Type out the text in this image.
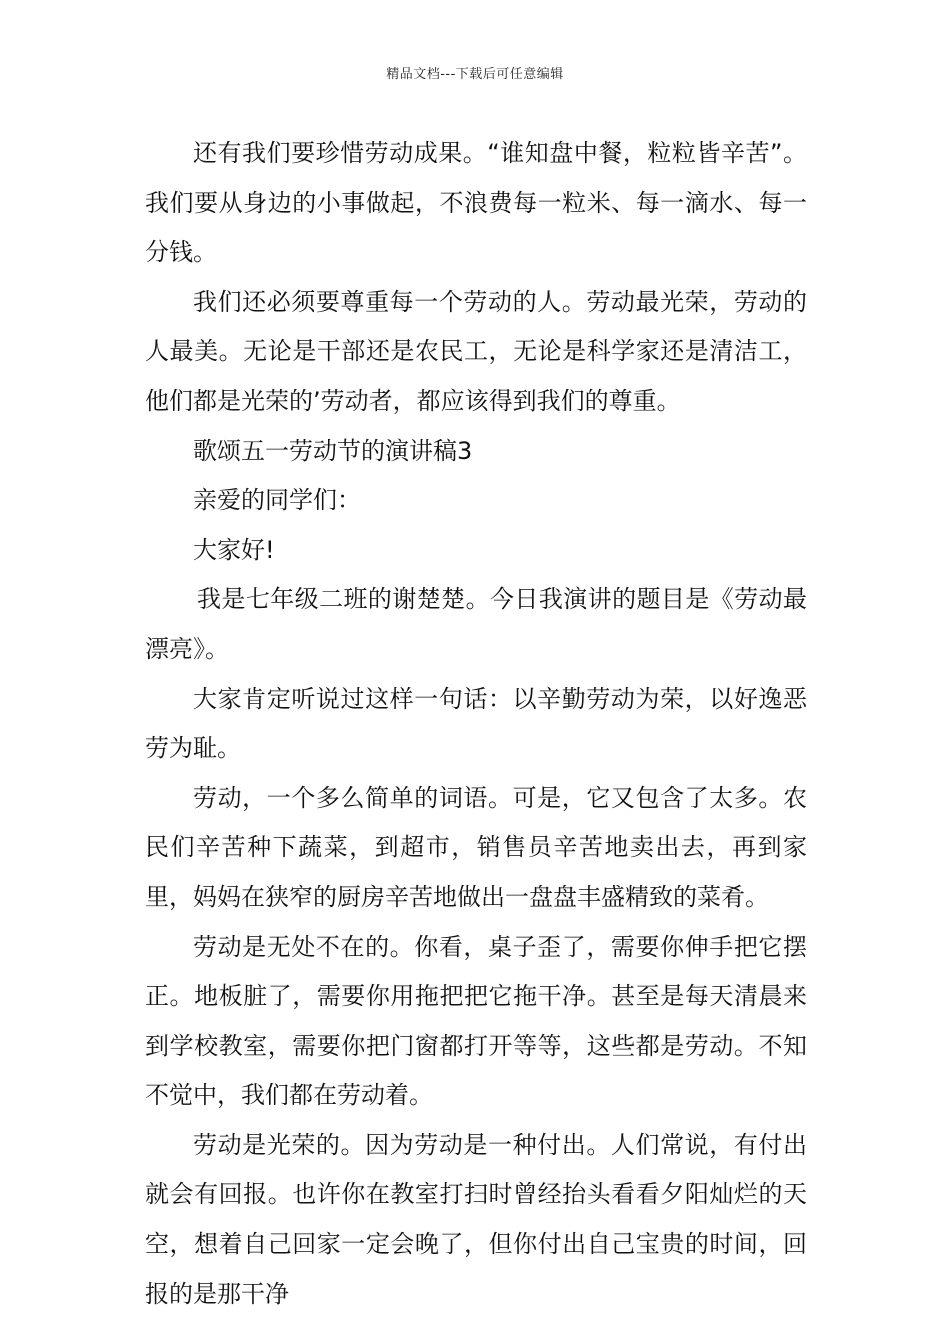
精品文档---下载后可任意编辑

还有我们要珍惜劳动成果。“谁知盘中餐，粒粒皆辛苦”。我们要从身边的小事做起，不浪费每一粒米、每一滴水、每一分钱。

我们还必须要尊重每一个劳动的人。劳动最光荣，劳动的人最美。无论是干部还是农民工，无论是科学家还是清洁工，他们都是光荣的’劳动者，都应该得到我们的尊重。

歌颂五一劳动节的演讲稿3

亲爱的同学们：

大家好!

我是七年级二班的谢楚楚。今日我演讲的题目是《劳动最漂亮》。

大家肯定听说过这样一句话：以辛勤劳动为荣，以好逸恶劳为耻。

劳动，一个多么简单的词语。可是，它又包含了太多。农民们辛苦种下蔬菜，到超市，销售员辛苦地卖出去，再到家里，妈妈在狭窄的厨房辛苦地做出一盘盘丰盛精致的菜肴。

劳动是无处不在的。你看，桌子歪了，需要你伸手把它摆正。地板脏了，需要你用拖把把它拖干净。甚至是每天清晨来到学校教室，需要你把门窗都打开等等，这些都是劳动。不知不觉中，我们都在劳动着。

劳动是光荣的。因为劳动是一种付出。人们常说，有付出就会有回报。也许你在教室打扫时曾经抬头看看夕阳灿烂的天空，想着自己回家一定会晚了，但你付出自己宝贵的时间，回报的是那干净
